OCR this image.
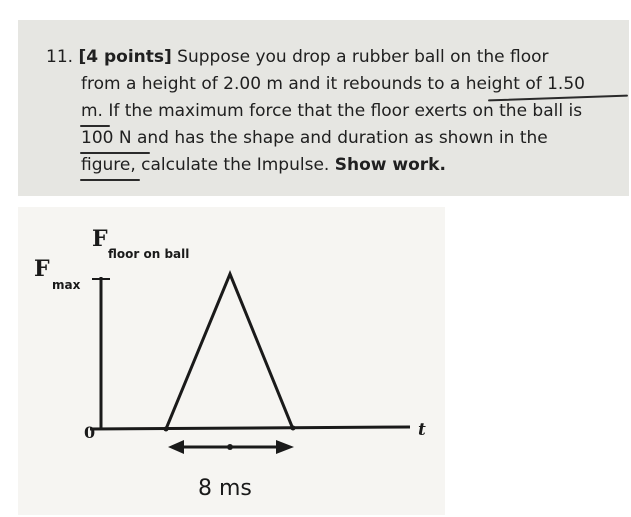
11. [4 points] Suppose you drop a rubber ball on the floor
from a height of 2.00 m and it rebounds to a height of 1.50
m. If the maximum force that the floor exerts on the ball is
100 N and has the shape and duration as shown in the
figure, calculate the Impulse. Show work.
F
floor on ball
F
max
0	t
8 ms
